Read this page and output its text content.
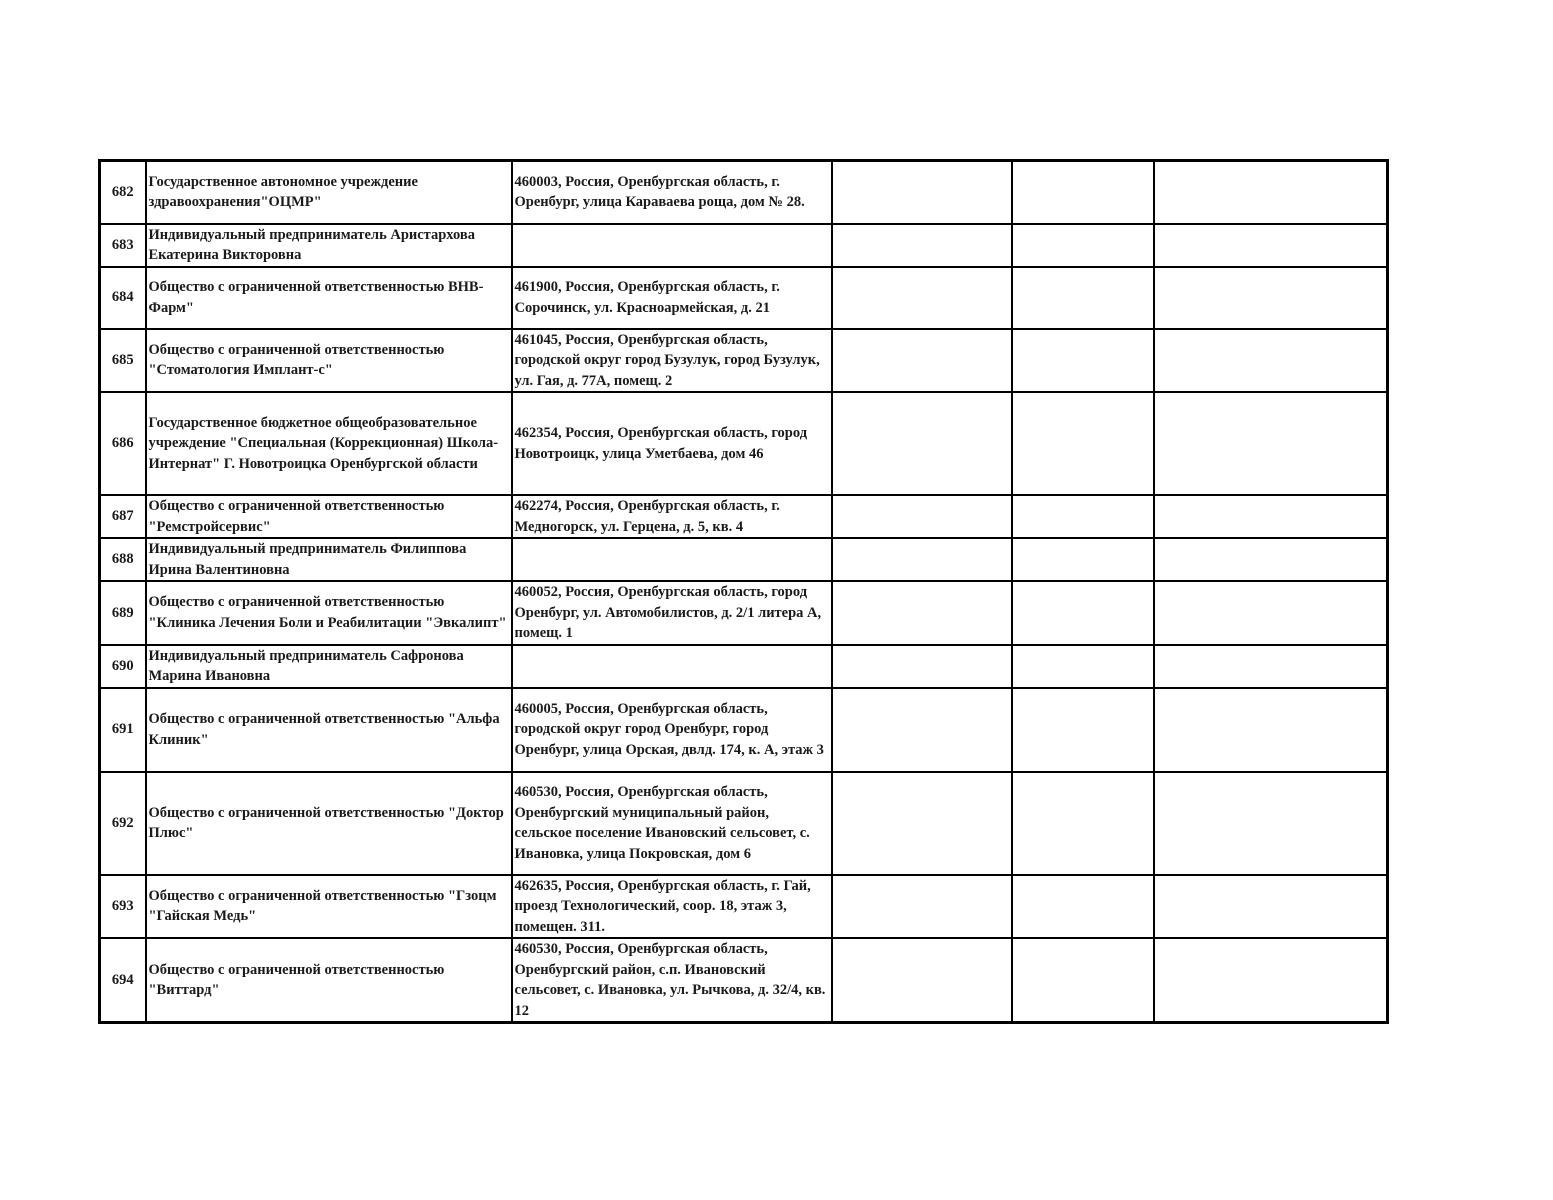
682	Государственное автономное учреждение здравоохранения"ОЦМР"	460003, Россия, Оренбургская область, г. Оренбург, улица Караваева роща, дом № 28.			
683	Индивидуальный предприниматель Аристархова Екатерина Викторовна				
684	Общество с ограниченной ответственностью ВНВ-Фарм"	461900, Россия, Оренбургская область, г. Сорочинск, ул. Красноармейская, д. 21			
685	Общество с ограниченной ответственностью "Стоматология Имплант-с"	461045, Россия, Оренбургская область, городской округ город Бузулук, город Бузулук, ул. Гая, д. 77А, помещ. 2			
686	Государственное бюджетное общеобразовательное учреждение "Специальная (Коррекционная) Школа-Интернат" Г. Новотроицка Оренбургской области	462354, Россия, Оренбургская область, город Новотроицк, улица Уметбаева, дом 46			
687	Общество с ограниченной ответственностью "Ремстройсервис"	462274, Россия, Оренбургская область, г. Медногорск, ул. Герцена, д. 5, кв. 4			
688	Индивидуальный предприниматель Филиппова Ирина Валентиновна				
689	Общество с ограниченной ответственностью "Клиника Лечения Боли и Реабилитации "Эвкалипт"	460052, Россия, Оренбургская область, город Оренбург, ул. Автомобилистов, д. 2/1 литера А, помещ. 1			
690	Индивидуальный предприниматель Сафронова Марина Ивановна				
691	Общество с ограниченной ответственностью "Альфа Клиник"	460005, Россия, Оренбургская область, городской округ город Оренбург, город Оренбург, улица Орская, двлд. 174, к. А, этаж 3			
692	Общество с ограниченной ответственностью "Доктор Плюс"	460530, Россия, Оренбургская область, Оренбургский муниципальный район, сельское поселение Ивановский сельсовет, с. Ивановка, улица Покровская, дом 6			
693	Общество с ограниченной ответственностью "Гзоцм "Гайская Медь"	462635, Россия, Оренбургская область, г. Гай, проезд Технологический, соор. 18, этаж 3, помещен. 311.			
694	Общество с ограниченной ответственностью "Виттард"	460530, Россия, Оренбургская область, Оренбургский район, с.п. Ивановский сельсовет, с. Ивановка, ул. Рычкова, д. 32/4, кв. 12			
